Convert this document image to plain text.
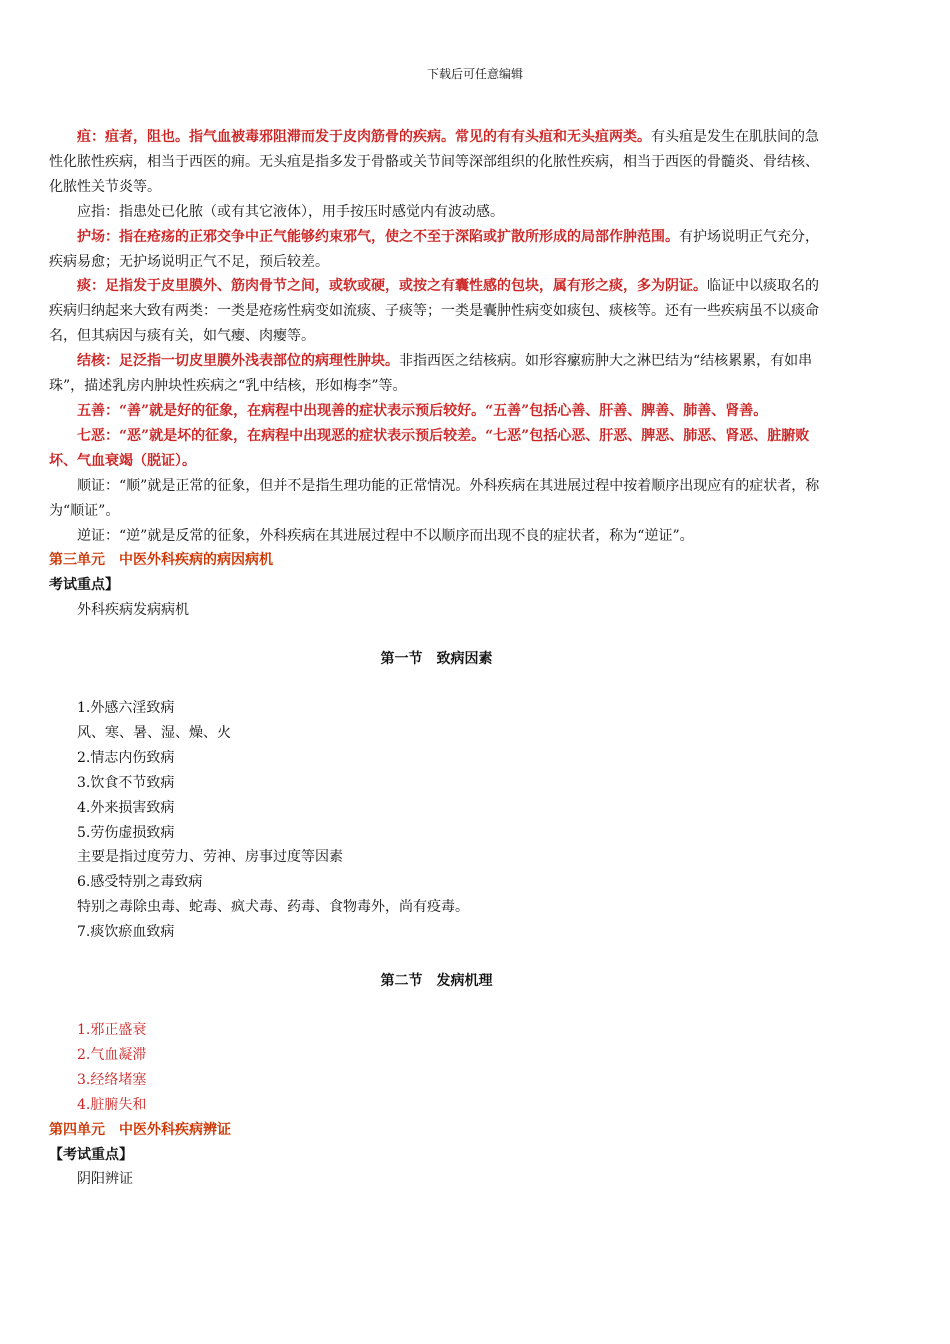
下载后可任意编辑

疽：疽者，阻也。指气血被毒邪阻滞而发于皮肉筋骨的疾病。常见的有有头疽和无头疽两类。有头疽是发生在肌肤间的急性化脓性疾病，相当于西医的痈。无头疽是指多发于骨骼或关节间等深部组织的化脓性疾病，相当于西医的骨髓炎、骨结核、化脓性关节炎等。

应指：指患处已化脓（或有其它液体），用手按压时感觉内有波动感。

护场：指在疮疡的正邪交争中正气能够约束邪气，使之不至于深陷或扩散所形成的局部作肿范围。有护场说明正气充分，疾病易愈；无护场说明正气不足，预后较差。

痰：足指发于皮里膜外、筋肉骨节之间，或软或硬，或按之有囊性感的包块，属有形之痰，多为阴证。临证中以痰取名的疾病归纳起来大致有两类：一类是疮疡性病变如流痰、子痰等；一类是囊肿性病变如痰包、痰核等。还有一些疾病虽不以痰命名，但其病因与痰有关，如气瘿、肉瘿等。

结核：足泛指一切皮里膜外浅表部位的病理性肿块。非指西医之结核病。如形容瘰疬肿大之淋巴结为“结核累累，有如串珠”，描述乳房内肿块性疾病之“乳中结核，形如梅李”等。

五善：“善”就是好的征象，在病程中出现善的症状表示预后较好。“五善”包括心善、肝善、脾善、肺善、肾善。

七恶：“恶”就是坏的征象，在病程中出现恶的症状表示预后较差。“七恶”包括心恶、肝恶、脾恶、肺恶、肾恶、脏腑败坏、气血衰竭（脱证）。

顺证：“顺”就是正常的征象，但并不是指生理功能的正常情况。外科疾病在其进展过程中按着顺序出现应有的症状者，称为“顺证”。

逆证：“逆”就是反常的征象，外科疾病在其进展过程中不以顺序而出现不良的症状者，称为“逆证”。

第三单元　中医外科疾病的病因病机

考试重点】

外科疾病发病病机

第一节　致病因素

1.外感六淫致病

风、寒、暑、湿、燥、火

2.情志内伤致病

3.饮食不节致病

4.外来损害致病

5.劳伤虚损致病

主要是指过度劳力、劳神、房事过度等因素

6.感受特别之毒致病

特别之毒除虫毒、蛇毒、疯犬毒、药毒、食物毒外，尚有疫毒。

7.痰饮瘀血致病

第二节　发病机理

1.邪正盛衰

2.气血凝滞

3.经络堵塞

4.脏腑失和

第四单元　中医外科疾病辨证

【考试重点】

阴阳辨证
